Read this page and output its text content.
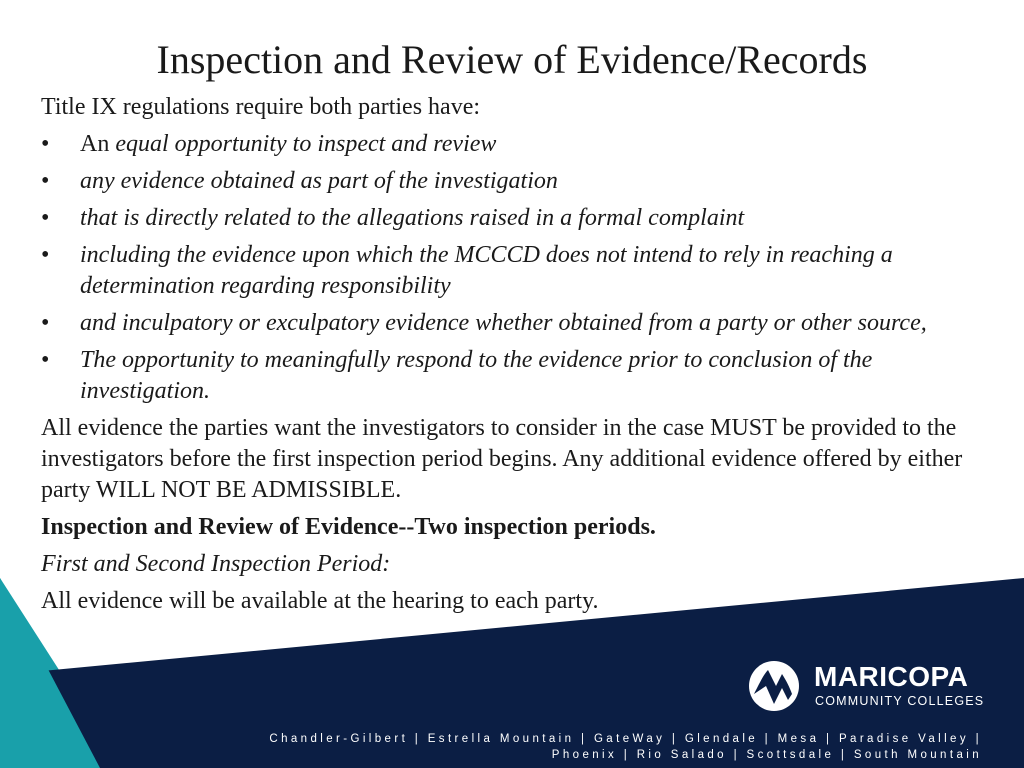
Inspection and Review of Evidence/Records

Title IX regulations require both parties have:

• An equal opportunity to inspect and review
• any evidence obtained as part of the investigation
• that is directly related to the allegations raised in a formal complaint
• including the evidence upon which the MCCCD does not intend to rely in reaching a determination regarding responsibility
• and inculpatory or exculpatory evidence whether obtained from a party or other source,
• The opportunity to meaningfully respond to the evidence prior to conclusion of the investigation.

All evidence the parties want the investigators to consider in the case MUST be provided to the investigators before the first inspection period begins. Any additional evidence offered by either party WILL NOT BE ADMISSIBLE.

Inspection and Review of Evidence--Two inspection periods.

First and Second Inspection Period:

All evidence will be available at the hearing to each party.

MARICOPA
COMMUNITY COLLEGES
Chandler-Gilbert | Estrella Mountain | GateWay | Glendale | Mesa | Paradise Valley |
Phoenix | Rio Salado | Scottsdale | South Mountain
